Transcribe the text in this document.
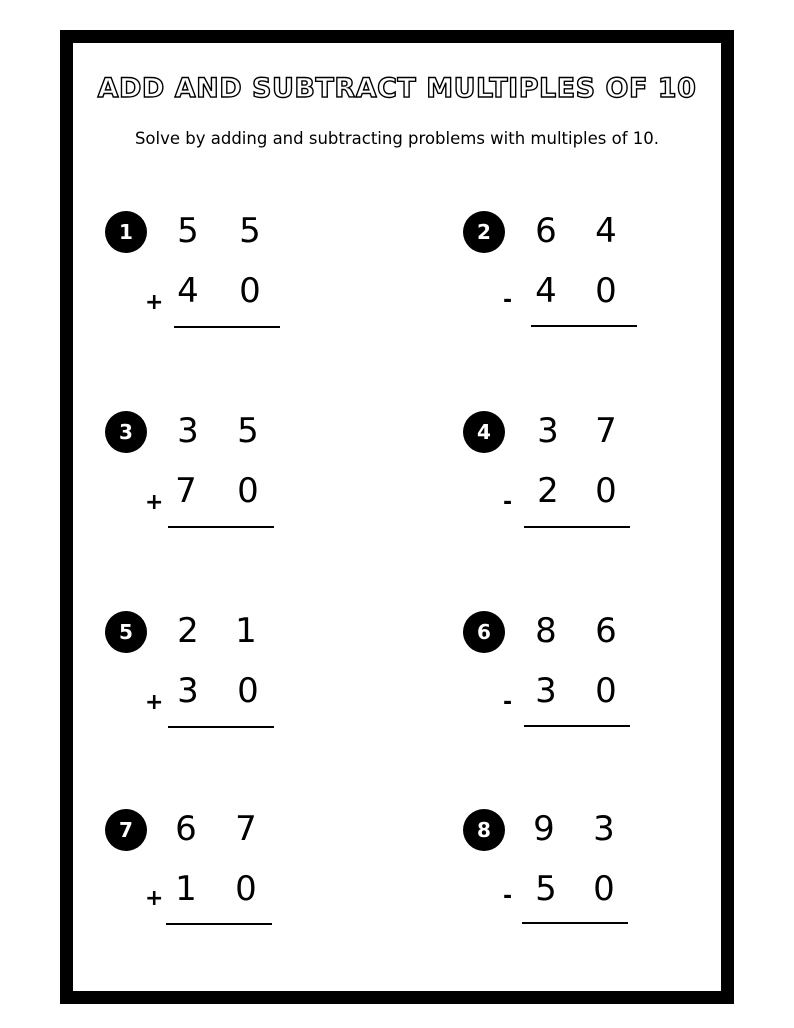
ADD AND SUBTRACT MULTIPLES OF 10
Solve by adding and subtracting problems with multiples of 10.
1	5 5
+ 4 0
2	6 4
- 4 0
3	3 5
+ 7 0
4	3 7
- 2 0
5	2 1
+ 3 0
6	8 6
- 3 0
7	6 7
+ 1 0
8	9 3
- 5 0
